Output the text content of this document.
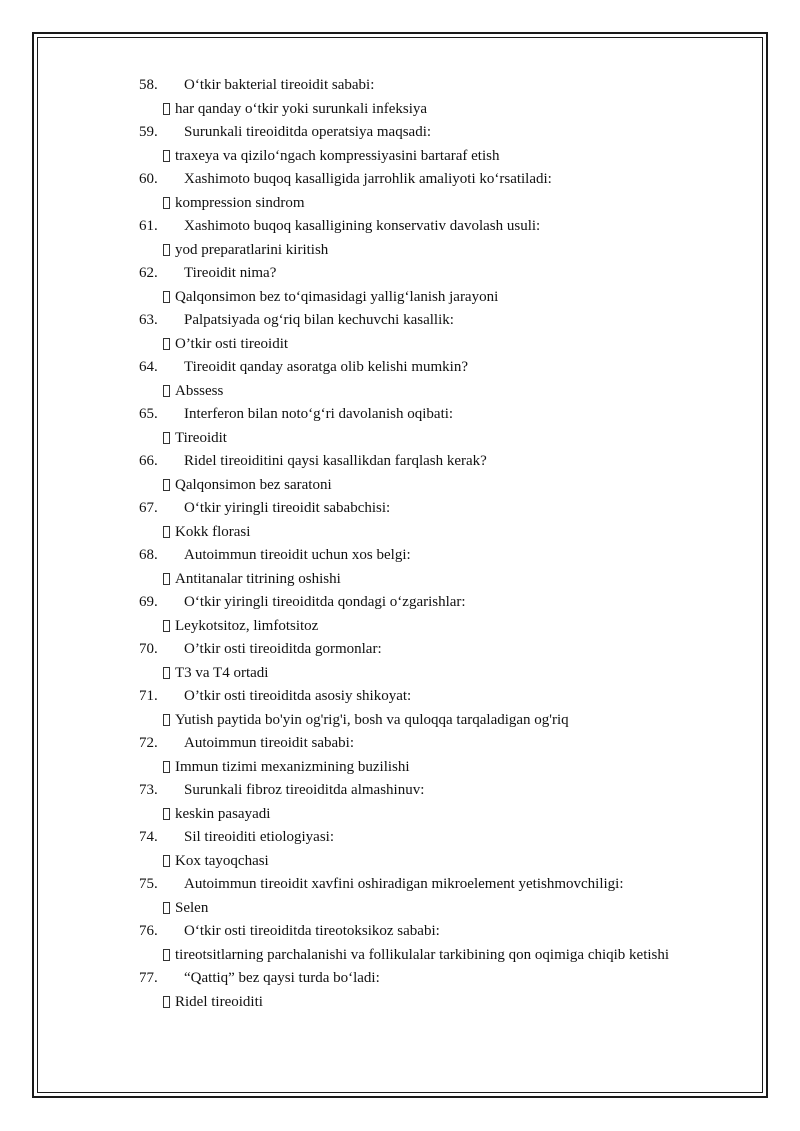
58.	O‘tkir bakterial tireoidit sababi:
har qanday o‘tkir yoki surunkali infeksiya
59.	Surunkali tireoiditda operatsiya maqsadi:
traxeya va qizilo‘ngach kompressiyasini bartaraf etish
60.	Xashimoto buqoq kasalligida jarrohlik amaliyoti ko‘rsatiladi:
kompression sindrom
61.	Xashimoto buqoq kasalligining konservativ davolash usuli:
yod preparatlarini kiritish
62.	Tireoidit nima?
Qalqonsimon bez to‘qimasidagi yallig‘lanish jarayoni
63.	Palpatsiyada og‘riq bilan kechuvchi kasallik:
O’tkir osti tireoidit
64.	Tireoidit qanday asoratga olib kelishi mumkin?
Abssess
65.	Interferon bilan noto‘g‘ri davolanish oqibati:
Tireoidit
66.	Ridel tireoiditini qaysi kasallikdan farqlash kerak?
Qalqonsimon bez saratoni
67.	O‘tkir yiringli tireoidit sababchisi:
Kokk florasi
68.	Autoimmun tireoidit uchun xos belgi:
Antitanalar titrining oshishi
69.	O‘tkir yiringli tireoiditda qondagi o‘zgarishlar:
Leykotsitoz, limfotsitoz
70.	O’tkir osti tireoiditda gormonlar:
T3 va T4 ortadi
71.	O’tkir osti tireoiditda asosiy shikoyat:
Yutish paytida bo'yin og'rig'i, bosh va quloqqa tarqaladigan og'riq
72.	Autoimmun tireoidit sababi:
Immun tizimi mexanizmining buzilishi
73.	Surunkali fibroz tireoiditda almashinuv:
keskin pasayadi
74.	Sil tireoiditi etiologiyasi:
Kox tayoqchasi
75.	Autoimmun tireoidit xavfini oshiradigan mikroelement yetishmovchiligi:
Selen
76.	O‘tkir osti tireoiditda tireotoksikoz sababi:
tireotsitlarning parchalanishi va follikulalar tarkibining qon oqimiga chiqib ketishi
77.	“Qattiq” bez qaysi turda bo‘ladi:
Ridel tireoiditi
